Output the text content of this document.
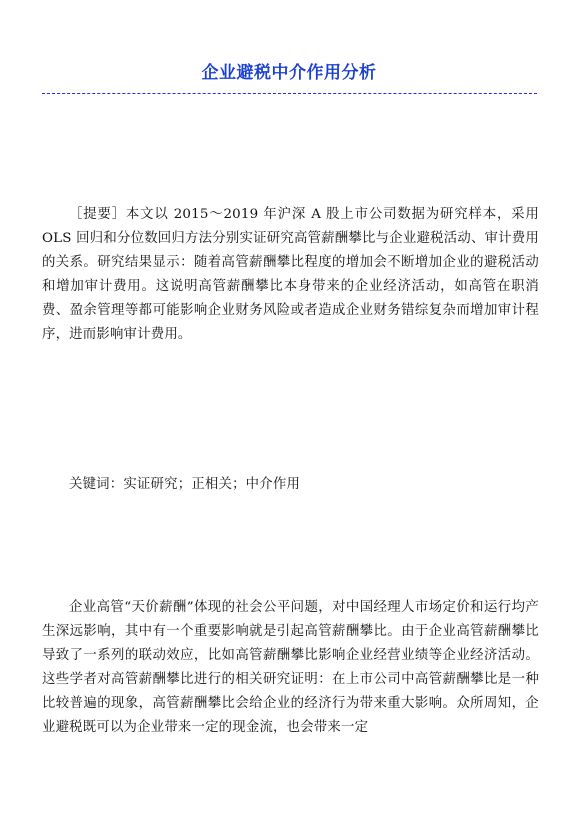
企业避税中介作用分析

［提要］本文以 2015～2019 年沪深 A 股上市公司数据为研究样本，采用 OLS 回归和分位数回归方法分别实证研究高管薪酬攀比与企业避税活动、审计费用的关系。研究结果显示：随着高管薪酬攀比程度的增加会不断增加企业的避税活动和增加审计费用。这说明高管薪酬攀比本身带来的企业经济活动，如高管在职消费、盈余管理等都可能影响企业财务风险或者造成企业财务错综复杂而增加审计程序，进而影响审计费用。

关键词：实证研究；正相关；中介作用

企业高管“天价薪酬”体现的社会公平问题，对中国经理人市场定价和运行均产生深远影响，其中有一个重要影响就是引起高管薪酬攀比。由于企业高管薪酬攀比导致了一系列的联动效应，比如高管薪酬攀比影响企业经营业绩等企业经济活动。这些学者对高管薪酬攀比进行的相关研究证明：在上市公司中高管薪酬攀比是一种比较普遍的现象，高管薪酬攀比会给企业的经济行为带来重大影响。众所周知，企业避税既可以为企业带来一定的现金流，也会带来一定
